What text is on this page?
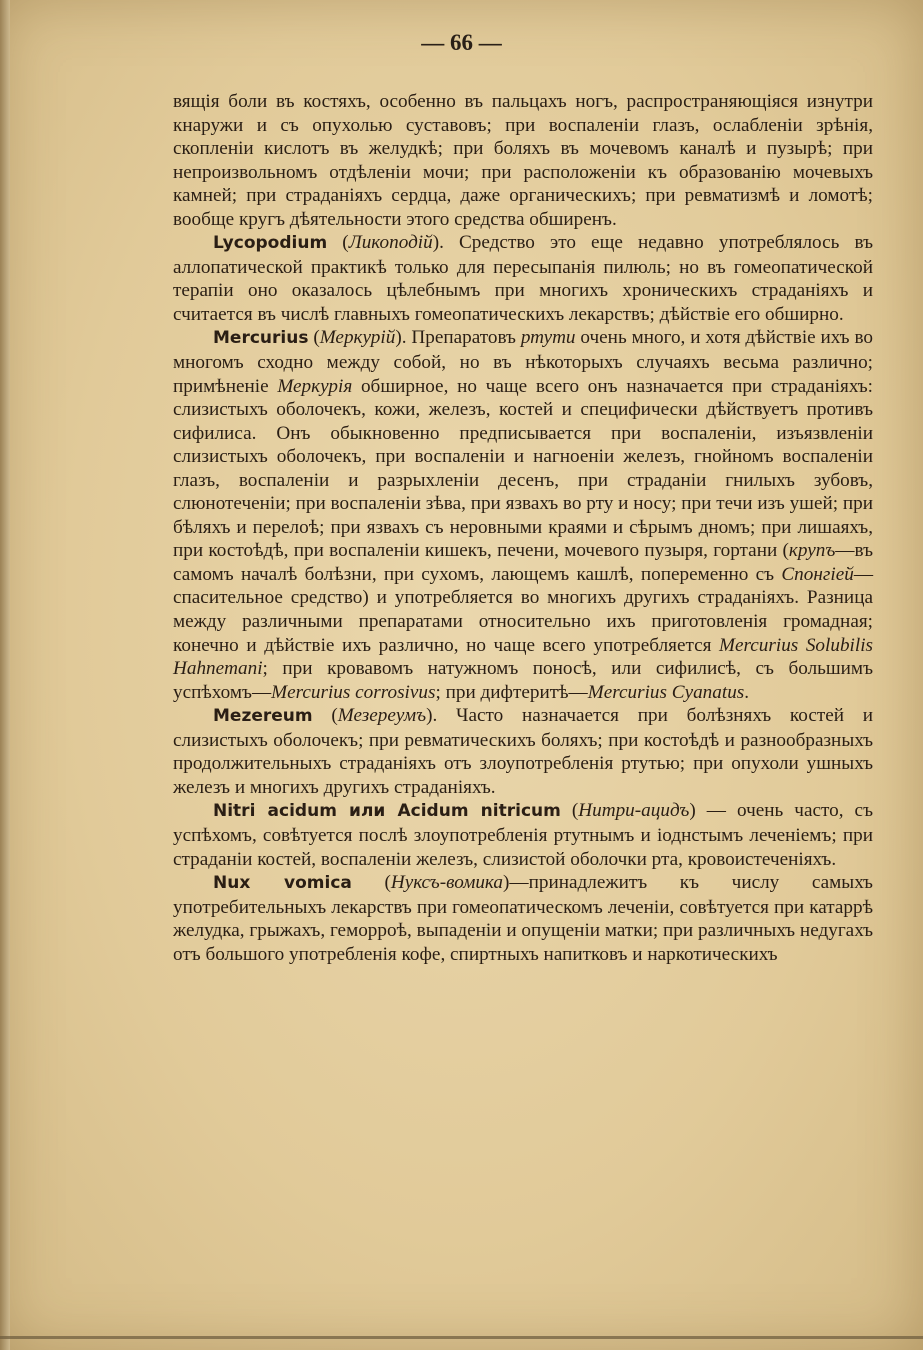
— 66 —

вящія боли въ костяхъ, особенно въ пальцахъ ногъ, распространяющіяся изнутри кнаружи и съ опухолью суставовъ; при воспаленіи глазъ, ослабленіи зрѣнія, скопленіи кислотъ въ желудкѣ; при боляхъ въ мочевомъ каналѣ и пузырѣ; при непроизвольномъ отдѣленіи мочи; при расположеніи къ образованію мочевыхъ камней; при страданіяхъ сердца, даже органическихъ; при ревматизмѣ и ломотѣ; вообще кругъ дѣятельности этого средства обширенъ.

Lycopodium (Ликоподій). Средство это еще недавно употреблялось въ аллопатической практикѣ только для пересыпанія пилюль; но въ гомеопатической терапіи оно оказалось цѣлебнымъ при многихъ хроническихъ страданіяхъ и считается въ числѣ главныхъ гомеопатическихъ лекарствъ; дѣйствіе его обширно.

Mercurius (Меркурій). Препаратовъ ртути очень много, и хотя дѣйствіе ихъ во многомъ сходно между собой, но въ нѣкоторыхъ случаяхъ весьма различно; примѣненіе Меркурія обширное, но чаще всего онъ назначается при страданіяхъ: слизистыхъ оболочекъ, кожи, железъ, костей и специфически дѣйствуетъ противъ сифилиса. Онъ обыкновенно предписывается при воспаленіи, изъязвленіи слизистыхъ оболочекъ, при воспаленіи и нагноеніи железъ, гнойномъ воспаленіи глазъ, воспаленіи и разрыхленіи десенъ, при страданіи гнилыхъ зубовъ, слюнотеченіи; при воспаленіи зѣва, при язвахъ во рту и носу; при течи изъ ушей; при бѣляхъ и перелоѣ; при язвахъ съ неровными краями и сѣрымъ дномъ; при лишаяхъ, при костоѣдѣ, при воспаленіи кишекъ, печени, мочевого пузыря, гортани (крупъ—въ самомъ началѣ болѣзни, при сухомъ, лающемъ кашлѣ, попеременно съ Спонгіей—спасительное средство) и употребляется во многихъ другихъ страданіяхъ. Разница между различными препаратами относительно ихъ приготовленія громадная; конечно и дѣйствіе ихъ различно, но чаще всего употребляется Mercurius Solubilis Hahnemani; при кровавомъ натужномъ поносѣ, или сифилисѣ, съ большимъ успѣхомъ—Mercurius corrosivus; при дифтеритѣ—Mercurius Cyanatus.

Mezereum (Мезереумъ). Часто назначается при болѣзняхъ костей и слизистыхъ оболочекъ; при ревматическихъ боляхъ; при костоѣдѣ и разнообразныхъ продолжительныхъ страданіяхъ отъ злоупотребленія ртутью; при опухоли ушныхъ железъ и многихъ другихъ страданіяхъ.

Nitri acidum или Acidum nitricum (Нитри-ацидъ) — очень часто, съ успѣхомъ, совѣтуется послѣ злоупотребленія ртутнымъ и іоднстымъ леченіемъ; при страданіи костей, воспаленіи железъ, слизистой оболочки рта, кровоистеченіяхъ.

Nux vomica (Нуксъ-вомика)—принадлежитъ къ числу самыхъ употребительныхъ лекарствъ при гомеопатическомъ леченіи, совѣтуется при катаррѣ желудка, грыжахъ, геморроѣ, выпаденіи и опущеніи матки; при различныхъ недугахъ отъ большого употребленія кофе, спиртныхъ напитковъ и наркотическихъ
